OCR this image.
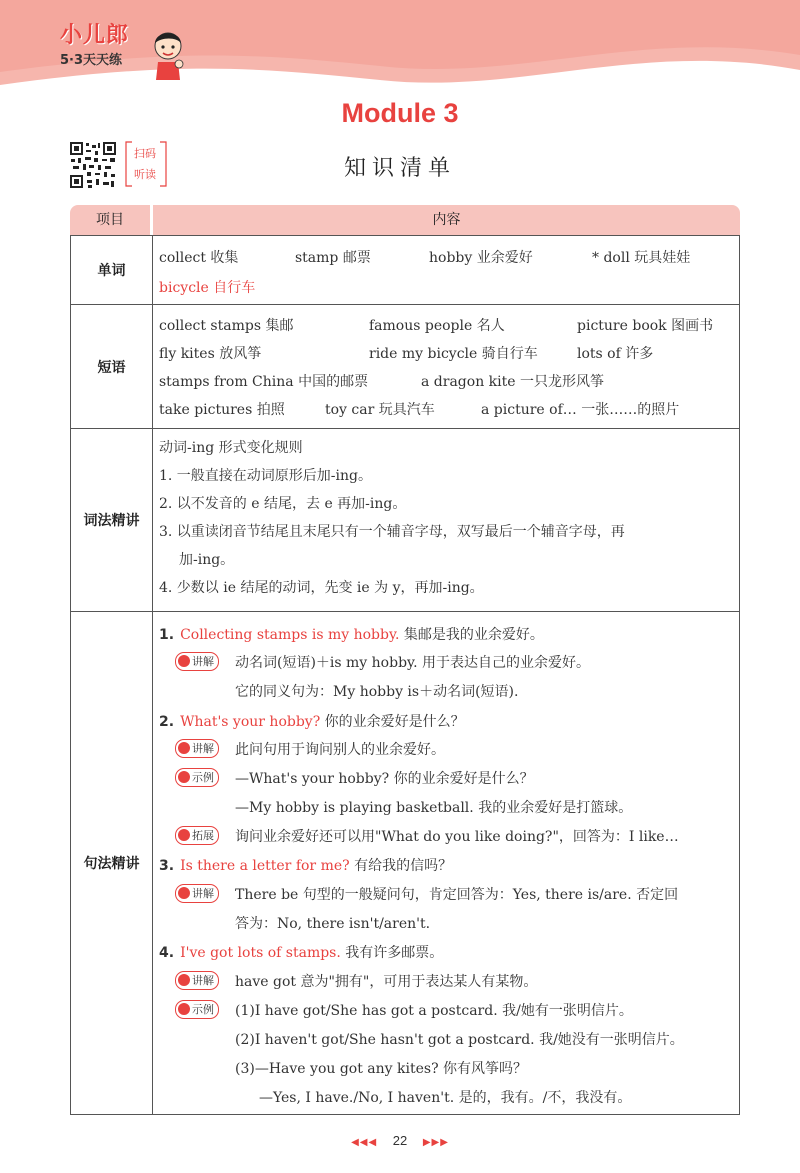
小儿郎
5·3天天练
Module 3
知识清单
扫码
听读
项目	内容
单词
collect 收集	stamp 邮票	hobby 业余爱好	* doll 玩具娃娃
bicycle 自行车
短语
collect stamps 集邮	famous people 名人	picture book 图画书
fly kites 放风筝	ride my bicycle 骑自行车	lots of 许多
stamps from China 中国的邮票	a dragon kite 一只龙形风筝
take pictures 拍照	toy car 玩具汽车	a picture of… 一张……的照片
词法精讲
动词-ing 形式变化规则
1. 一般直接在动词原形后加-ing。
2. 以不发音的 e 结尾，去 e 再加-ing。
3. 以重读闭音节结尾且末尾只有一个辅音字母，双写最后一个辅音字母，再
加-ing。
4. 少数以 ie 结尾的动词，先变 ie 为 y，再加-ing。
句法精讲
1. Collecting stamps is my hobby. 集邮是我的业余爱好。
讲解	动名词(短语)＋is my hobby. 用于表达自己的业余爱好。
它的同义句为：My hobby is＋动名词(短语).
2. What's your hobby? 你的业余爱好是什么？
讲解	此问句用于询问别人的业余爱好。
示例	—What's your hobby? 你的业余爱好是什么？
—My hobby is playing basketball. 我的业余爱好是打篮球。
拓展	询问业余爱好还可以用"What do you like doing?"，回答为：I like…
3. Is there a letter for me? 有给我的信吗？
讲解	There be 句型的一般疑问句，肯定回答为：Yes, there is/are. 否定回
答为：No, there isn't/aren't.
4. I've got lots of stamps. 我有许多邮票。
讲解	have got 意为"拥有"，可用于表达某人有某物。
示例	(1)I have got/She has got a postcard. 我/她有一张明信片。
(2)I haven't got/She hasn't got a postcard. 我/她没有一张明信片。
(3)—Have you got any kites? 你有风筝吗？
—Yes, I have./No, I haven't. 是的，我有。/不，我没有。
◀◀◀ 22 ▶▶▶
